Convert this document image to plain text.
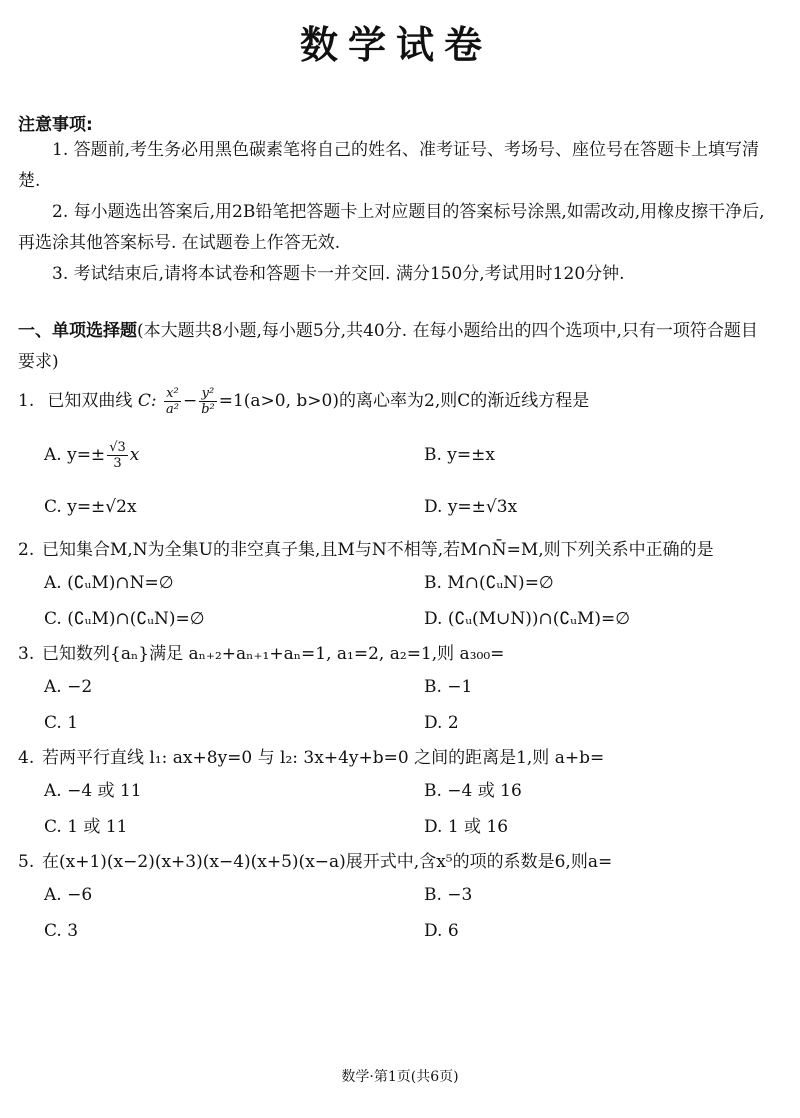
数学试卷
注意事项:

1. 答题前,考生务必用黑色碳素笔将自己的姓名、准考证号、考场号、座位号在答题卡上填写清楚.

2. 每小题选出答案后,用2B铅笔把答题卡上对应题目的答案标号涂黑,如需改动,用橡皮擦干净后,再选涂其他答案标号. 在试题卷上作答无效.

3. 考试结束后,请将本试卷和答题卡一并交回. 满分150分,考试用时120分钟.

一、单项选择题(本大题共8小题,每小题5分,共40分. 在每小题给出的四个选项中,只有一项符合题目要求)
1. 已知双曲线 C: $\frac{\text{x²}}{\text{a²}} - \frac{\text{y²}}{\text{b²}} =1(a>0$, b>0)的离心率为2,则C的渐近线方程是
A. $y=\pm \frac{√3}{3}$ x	B. y=±x
C. y=±√2x	D. y=±√3x
2. 已知集合M,N为全集U的非空真子集,且M与N不相等,若M∩N̄=M,则下列关系中正确的是
A. (∁ᵤM)∩N=∅	B. M∩(∁ᵤN)=∅
C. (∁ᵤM)∩(∁ᵤN)=∅	D. (∁ᵤ(M∪N))∩(∁ᵤM)=∅
3. 已知数列{aₙ}满足 aₙ₊₂+aₙ₊₁+aₙ=1, a₁=2, a₂=1,则 a₃₀₀=
A. −2	B. −1
C. 1	D. 2
4. 若两平行直线 l₁: ax+8y=0 与 l₂: 3x+4y+b=0 之间的距离是1,则 a+b=
A. −4 或 11	B. −4 或 16
C. 1 或 11	D. 1 或 16
5. 在(x+1)(x−2)(x+3)(x−4)(x+5)(x−a)展开式中,含x⁵的项的系数是6,则a=
A. −6	B. −3
C. 3	D. 6
数学·第1页(共6页)
